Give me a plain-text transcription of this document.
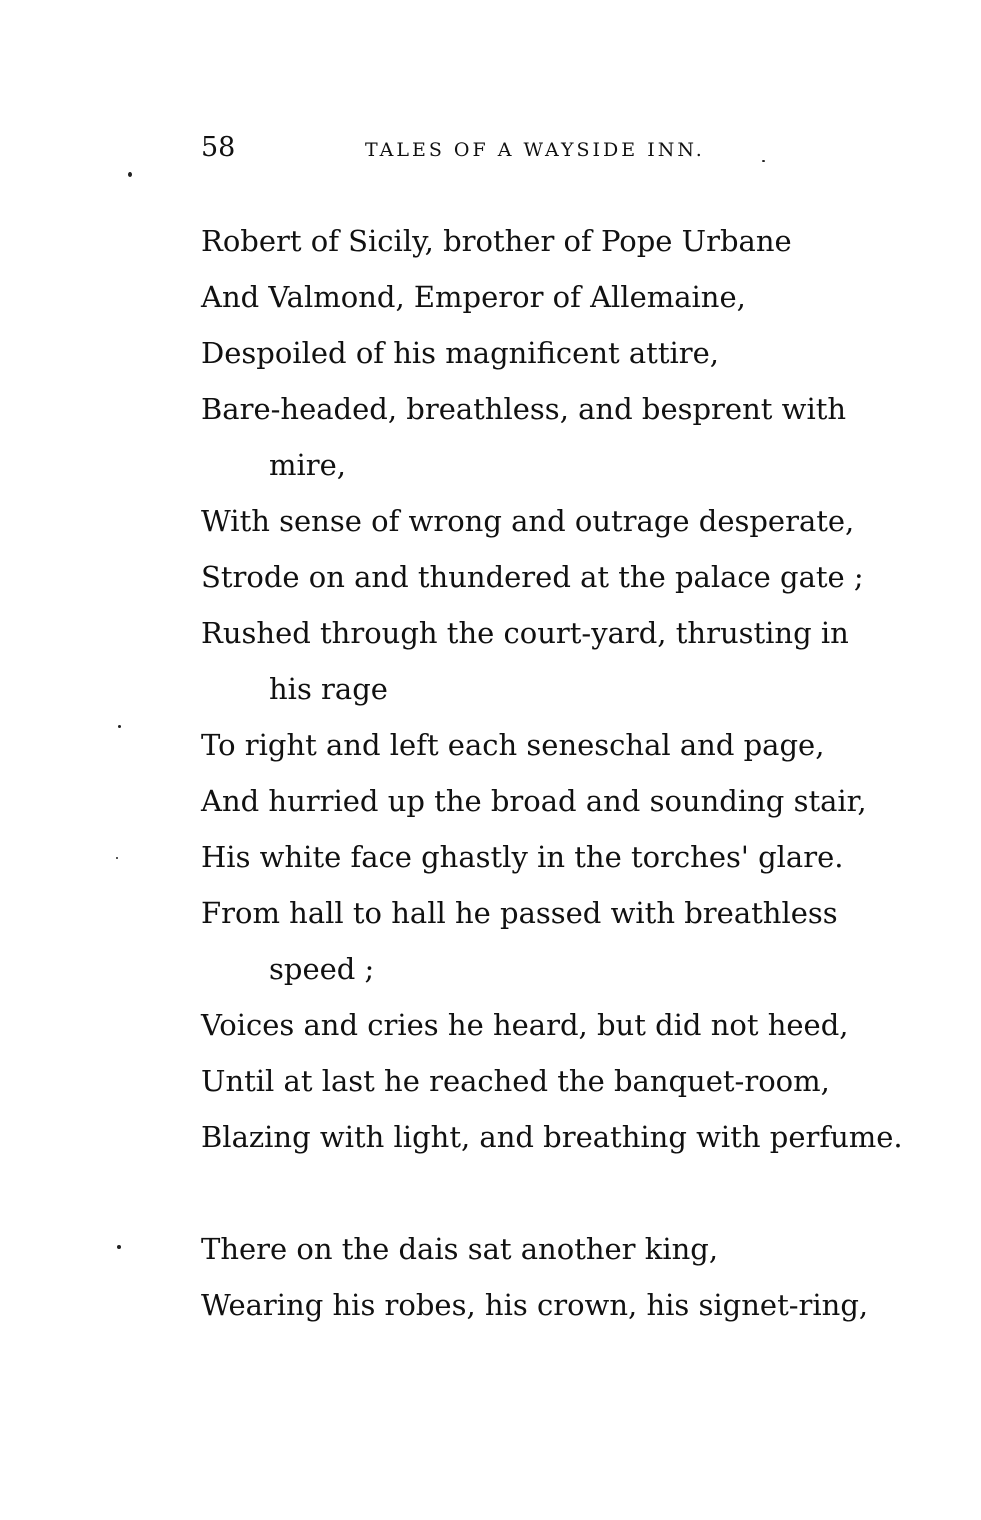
58	TALES OF A WAYSIDE INN.
Robert of Sicily, brother of Pope Urbane
And Valmond, Emperor of Allemaine,
Despoiled of his magnificent attire,
Bare-headed, breathless, and besprent with
mire,
With sense of wrong and outrage desperate,
Strode on and thundered at the palace gate ;
Rushed through the court-yard, thrusting in
his rage
To right and left each seneschal and page,
And hurried up the broad and sounding stair,
His white face ghastly in the torches' glare.
From hall to hall he passed with breathless
speed ;
Voices and cries he heard, but did not heed,
Until at last he reached the banquet-room,
Blazing with light, and breathing with perfume.
There on the dais sat another king,
Wearing his robes, his crown, his signet-ring,
